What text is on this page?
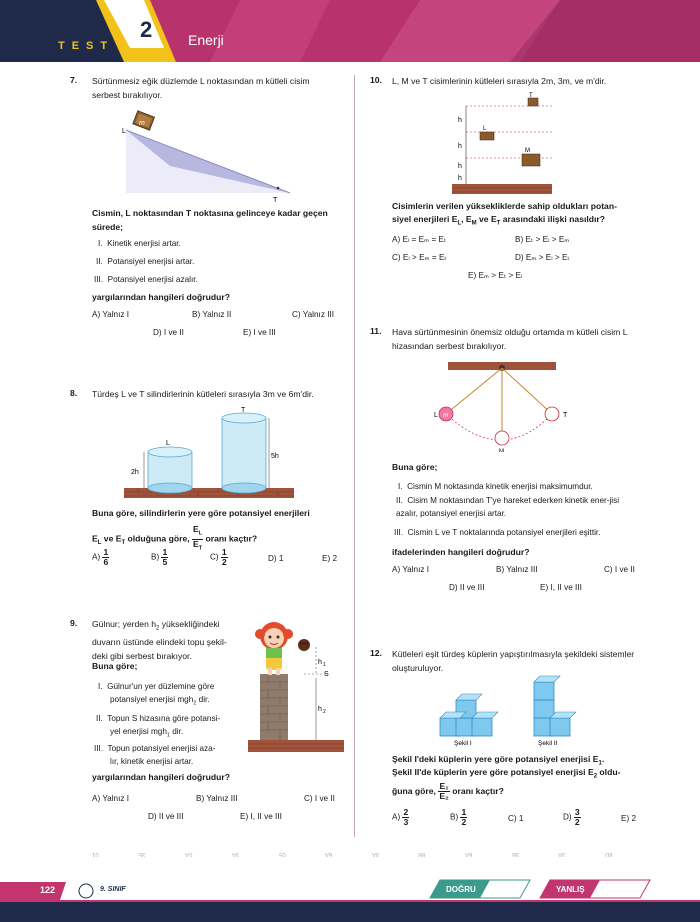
TEST
2	Enerji
7. Sürtünmesiz eğik düzlemde L noktasından m kütleli cisim serbest bırakılıyor.
m
L
T
Cismin, L noktasından T noktasına gelinceye kadar geçen sürede;
I. Kinetik enerjisi artar.
II. Potansiyel enerjisi artar.
III. Potansiyel enerjisi azalır.
yargılarından hangileri doğrudur?
A) Yalnız I	B) Yalnız II	C) Yalnız III
D) I ve II	E) I ve III
8. Türdeş L ve T silindirlerinin kütleleri sırasıyla 3m ve 6m'dir.
L
2h
T
5h
Buna göre, silindirlerin yere göre potansiyel enerjileri
$E_L$ ve $E_T$ olduğuna göre, $\frac{E_L}{E_T}$ oranı kaçtır?
$A) \frac{1}{6}$	$B) \frac{1}{5}$	$C) \frac{1}{2}$	D) 1	E) 2
9. Gülnur; yerden $h_2$ yüksekliğindeki
duvarın üstünde elindeki topu şekil-
deki gibi serbest bırakıyor.
Buna göre;
I. Gülnur'un yer düzlemine göre
potansiyel enerjisi mgh$_2$ dir.
II. Topun S hizasına göre potansi-
yel enerjisi mgh$_1$ dir.
III. Topun potansiyel enerjisi aza-
lır, kinetik enerjisi artar.
h 1
S
h 2
yargılarından hangileri doğrudur?
A) Yalnız I	B) Yalnız III	C) I ve II
D) II ve III	E) I, II ve III
10. L, M ve T cisimlerinin kütleleri sırasıyla 2m, 3m, ve m'dir.
h
h
h
h
T
L
M
Cisimlerin verilen yüksekliklerde sahip oldukları potan-
siyel enerjileri $E_L$, $E_M$ ve $E_T$ arasındaki ilişki nasıldır?
A) Eₗ = Eₘ = Eₜ	B) Eₜ > Eₗ > Eₘ
C) Eₗ > Eₘ = Eₜ	D) Eₘ > Eₗ > Eₜ
E) Eₘ > Eₜ > Eₗ
11. Hava sürtünmesinin önemsiz olduğu ortamda m kütleli cisim L hizasından serbest bırakılıyor.
m
L
M
T
Buna göre;
I. Cismin M noktasında kinetik enerjisi maksimumdur.
II. Cisim M noktasından T'ye hareket ederken kinetik ener-jisi azalır, potansiyel enerjisi artar.
III. Cismin L ve T noktalarında potansiyel enerjileri eşittir.
ifadelerinden hangileri doğrudur?
A) Yalnız I	B) Yalnız III	C) I ve II
D) II ve III	E) I, II ve III
12. Kütleleri eşit türdeş küplerin yapıştırılmasıyla şekildeki sistemler oluşturuluyor.
Şekil I	Şekil II
Şekil I'deki küplerin yere göre potansiyel enerjisi $E_1$.
Şekil II'de küplerin yere göre potansiyel enerjisi $E_2$ oldu-
ğuna göre, $\frac{\text{E₁}}{\text{E₂}}$ oranı kaçtır?
$A) \frac{2}{3}$	$B) \frac{1}{2}$	C) 1	$D) \frac{3}{2}$	E) 2
01	3E	0A	3A	05	6A	3A	8B	6A	3B	3A	8D
122	9. SINIF	DOĞRU	YANLIŞ
